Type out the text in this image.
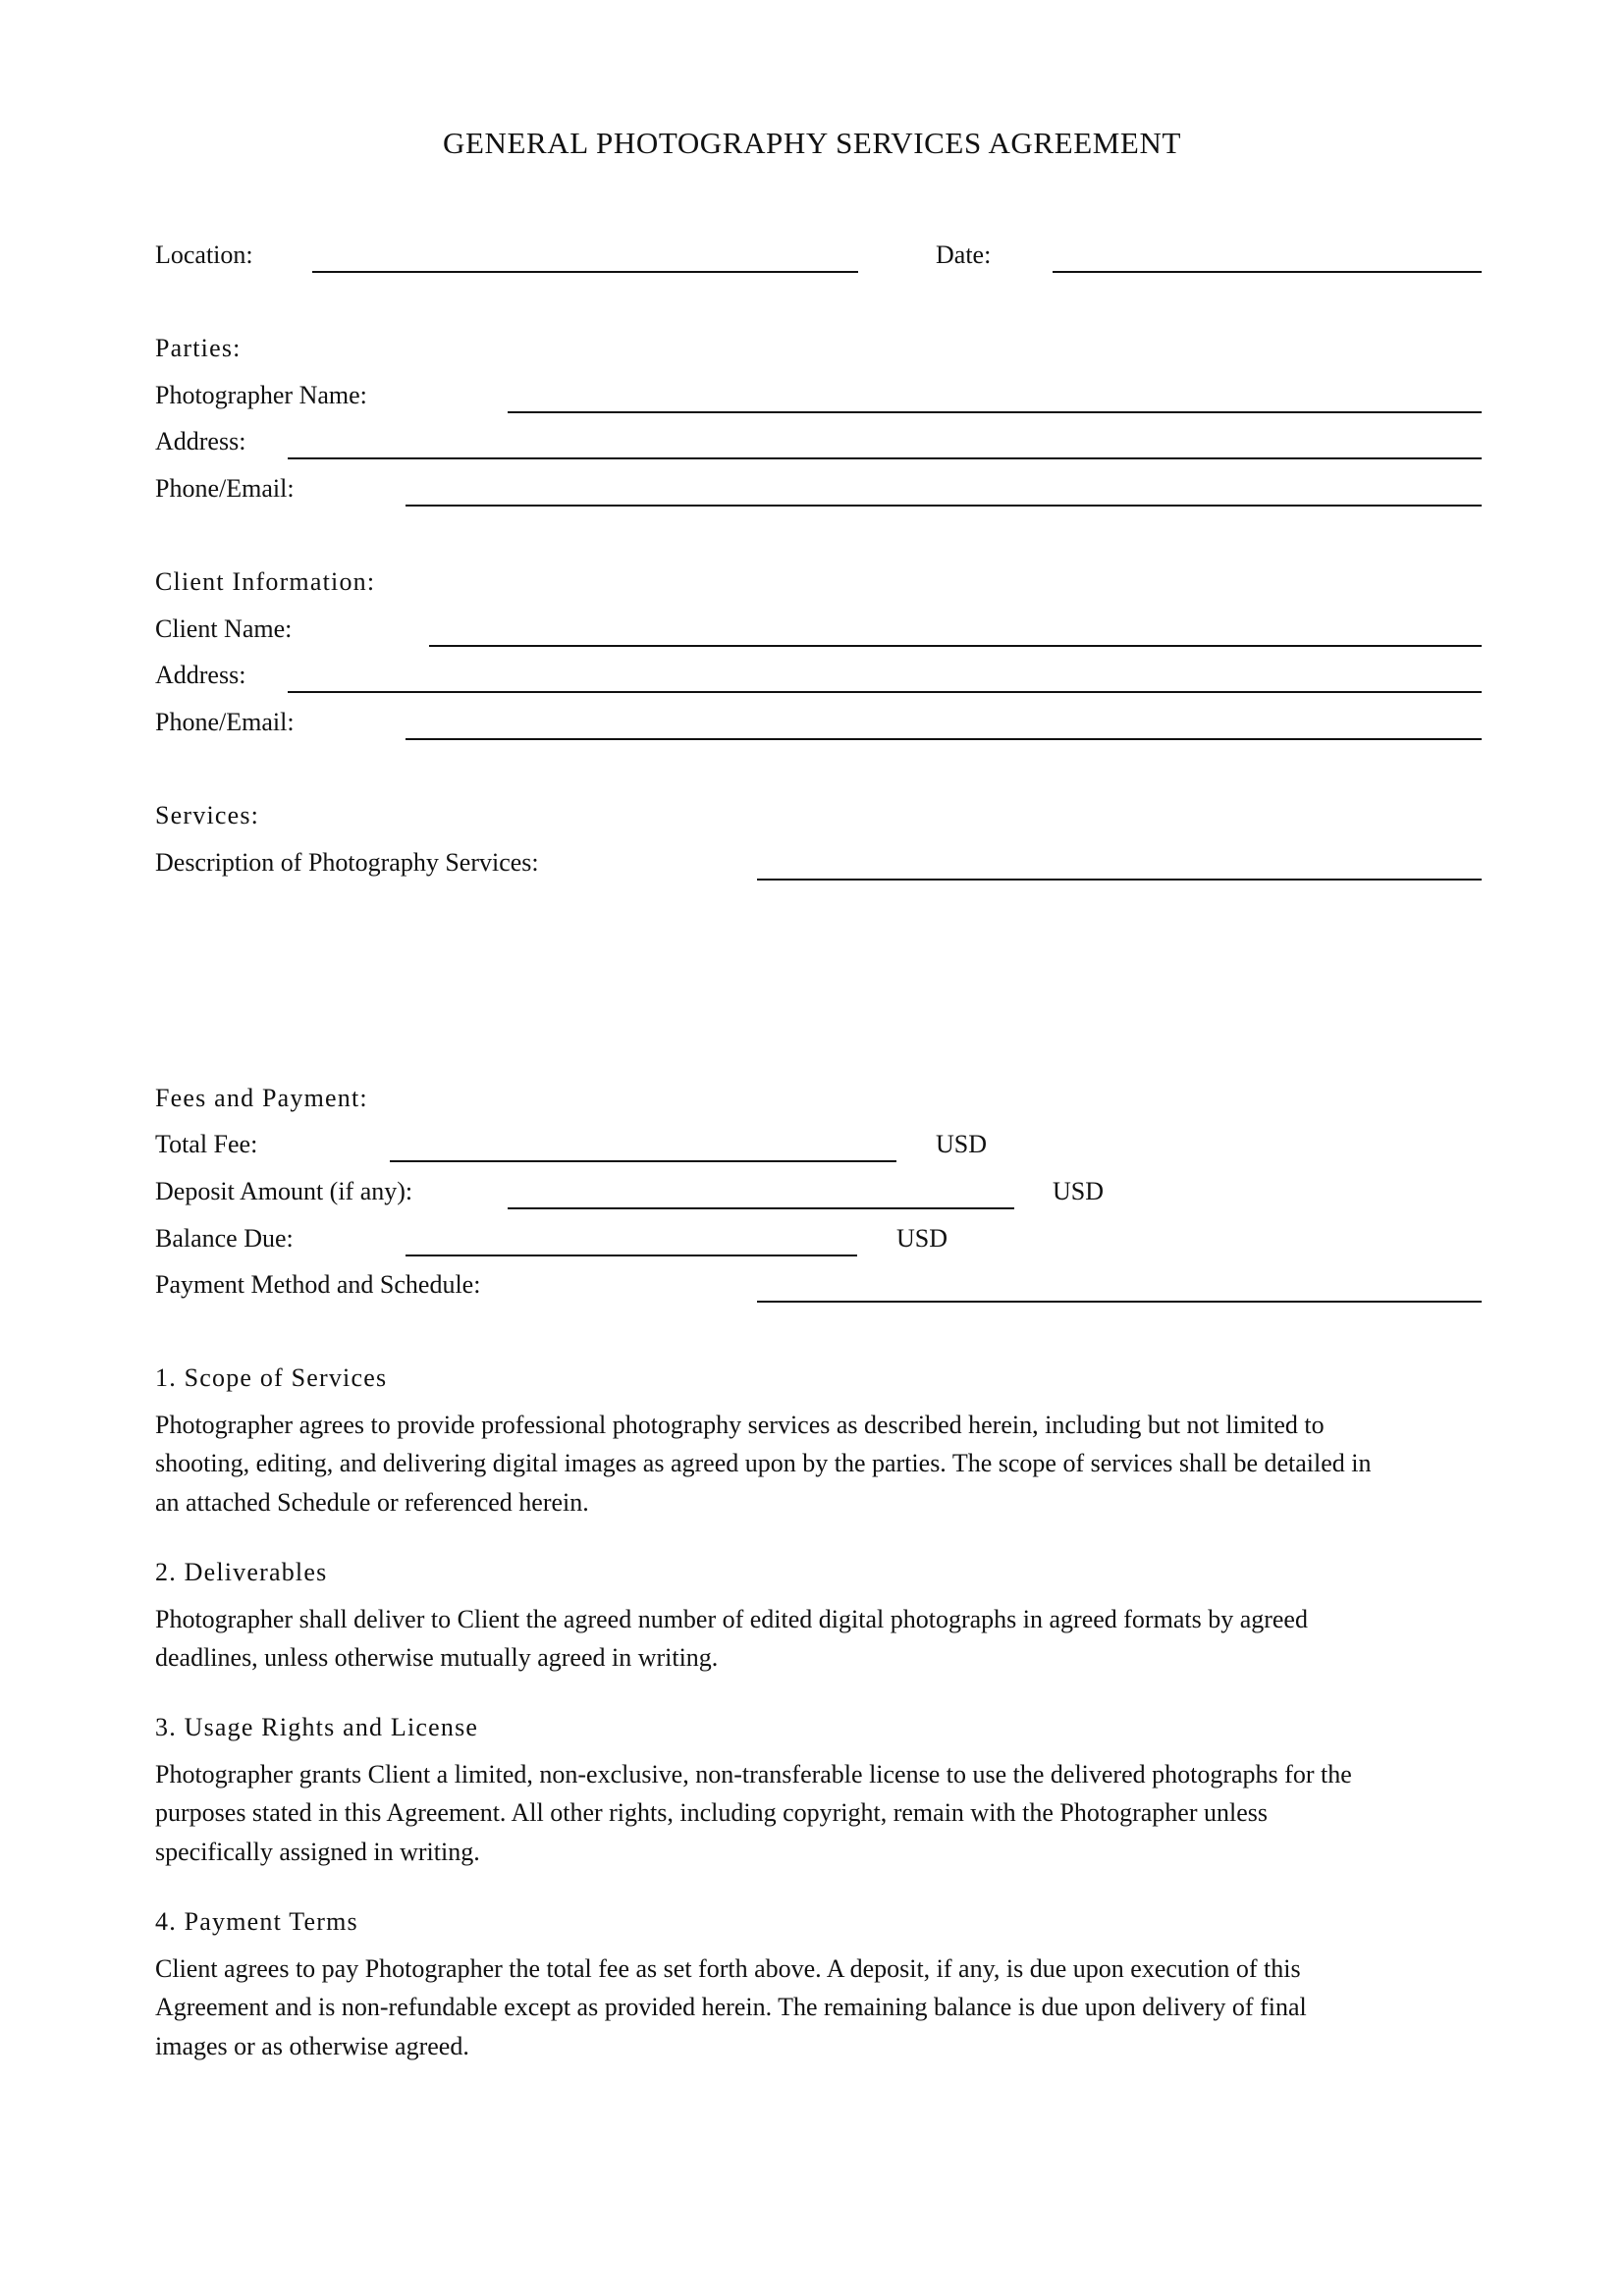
GENERAL PHOTOGRAPHY SERVICES AGREEMENT
Location:	Date:
Parties:
Photographer Name:
Address:
Phone/Email:
Client Information:
Client Name:
Address:
Phone/Email:
Services:
Description of Photography Services:
Fees and Payment:
Total Fee:	USD
Deposit Amount (if any):	USD
Balance Due:	USD
Payment Method and Schedule:
1. Scope of Services
Photographer agrees to provide professional photography services as described herein, including but not limited to
shooting, editing, and delivering digital images as agreed upon by the parties. The scope of services shall be detailed in
an attached Schedule or referenced herein.
2. Deliverables
Photographer shall deliver to Client the agreed number of edited digital photographs in agreed formats by agreed
deadlines, unless otherwise mutually agreed in writing.
3. Usage Rights and License
Photographer grants Client a limited, non-exclusive, non-transferable license to use the delivered photographs for the
purposes stated in this Agreement. All other rights, including copyright, remain with the Photographer unless
specifically assigned in writing.
4. Payment Terms
Client agrees to pay Photographer the total fee as set forth above. A deposit, if any, is due upon execution of this
Agreement and is non-refundable except as provided herein. The remaining balance is due upon delivery of final
images or as otherwise agreed.
